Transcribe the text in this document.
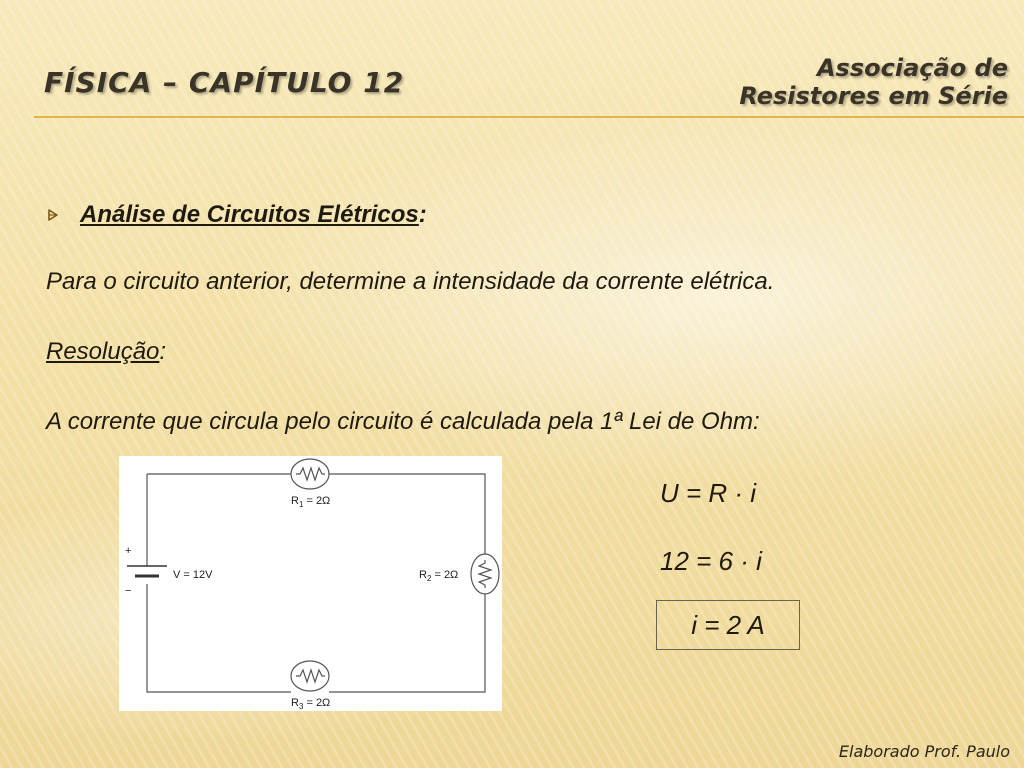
FÍSICA – CAPÍTULO 12	Associação de
Resistores em Série
Análise de Circuitos Elétricos :
Para o circuito anterior, determine a intensidade da corrente elétrica.
Resolução:
A corrente que circula pelo circuito é calculada pela 1ª Lei de Ohm:
+
−
V = 12V
$R_1 = 2\Omega$
$R_2 = 2\Omega$
$R_3 = 2\Omega$
U = R · i
12 = 6 · i
i = 2 A
Elaborado Prof. Paulo
